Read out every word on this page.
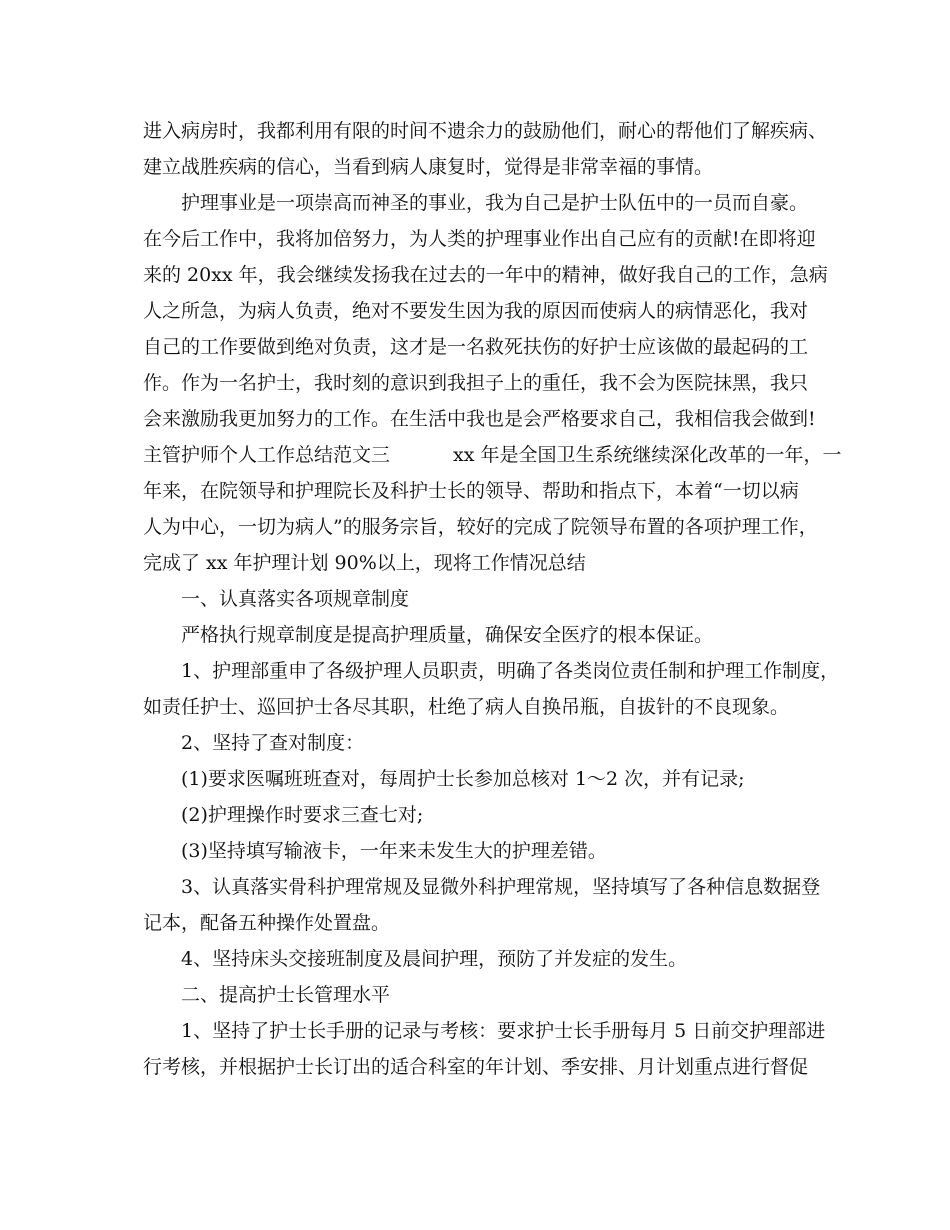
进入病房时，我都利用有限的时间不遗余力的鼓励他们，耐心的帮他们了解疾病、
建立战胜疾病的信心，当看到病人康复时，觉得是非常幸福的事情。
　　护理事业是一项崇高而神圣的事业，我为自己是护士队伍中的一员而自豪。
在今后工作中，我将加倍努力，为人类的护理事业作出自己应有的贡献!在即将迎
来的 20xx 年，我会继续发扬我在过去的一年中的精神，做好我自己的工作，急病
人之所急，为病人负责，绝对不要发生因为我的原因而使病人的病情恶化，我对
自己的工作要做到绝对负责，这才是一名救死扶伤的好护士应该做的最起码的工
作。作为一名护士，我时刻的意识到我担子上的重任，我不会为医院抹黑，我只
会来激励我更加努力的工作。在生活中我也是会严格要求自己，我相信我会做到!
主管护师个人工作总结范文三　　　 xx 年是全国卫生系统继续深化改革的一年，一
年来，在院领导和护理院长及科护士长的领导、帮助和指点下，本着“一切以病
人为中心，一切为病人”的服务宗旨，较好的完成了院领导布置的各项护理工作，
完成了 xx 年护理计划 90%以上，现将工作情况总结
　　一、认真落实各项规章制度
　　严格执行规章制度是提高护理质量，确保安全医疗的根本保证。
　　1、护理部重申了各级护理人员职责，明确了各类岗位责任制和护理工作制度，
如责任护士、巡回护士各尽其职，杜绝了病人自换吊瓶，自拔针的不良现象。
　　2、坚持了查对制度：
　　(1)要求医嘱班班查对，每周护士长参加总核对 1～2 次，并有记录;
　　(2)护理操作时要求三查七对;
　　(3)坚持填写输液卡，一年来未发生大的护理差错。
　　3、认真落实骨科护理常规及显微外科护理常规，坚持填写了各种信息数据登
记本，配备五种操作处置盘。
　　4、坚持床头交接班制度及晨间护理，预防了并发症的发生。
　　二、提高护士长管理水平
　　1、坚持了护士长手册的记录与考核：要求护士长手册每月 5 日前交护理部进
行考核，并根据护士长订出的适合科室的年计划、季安排、月计划重点进行督促
